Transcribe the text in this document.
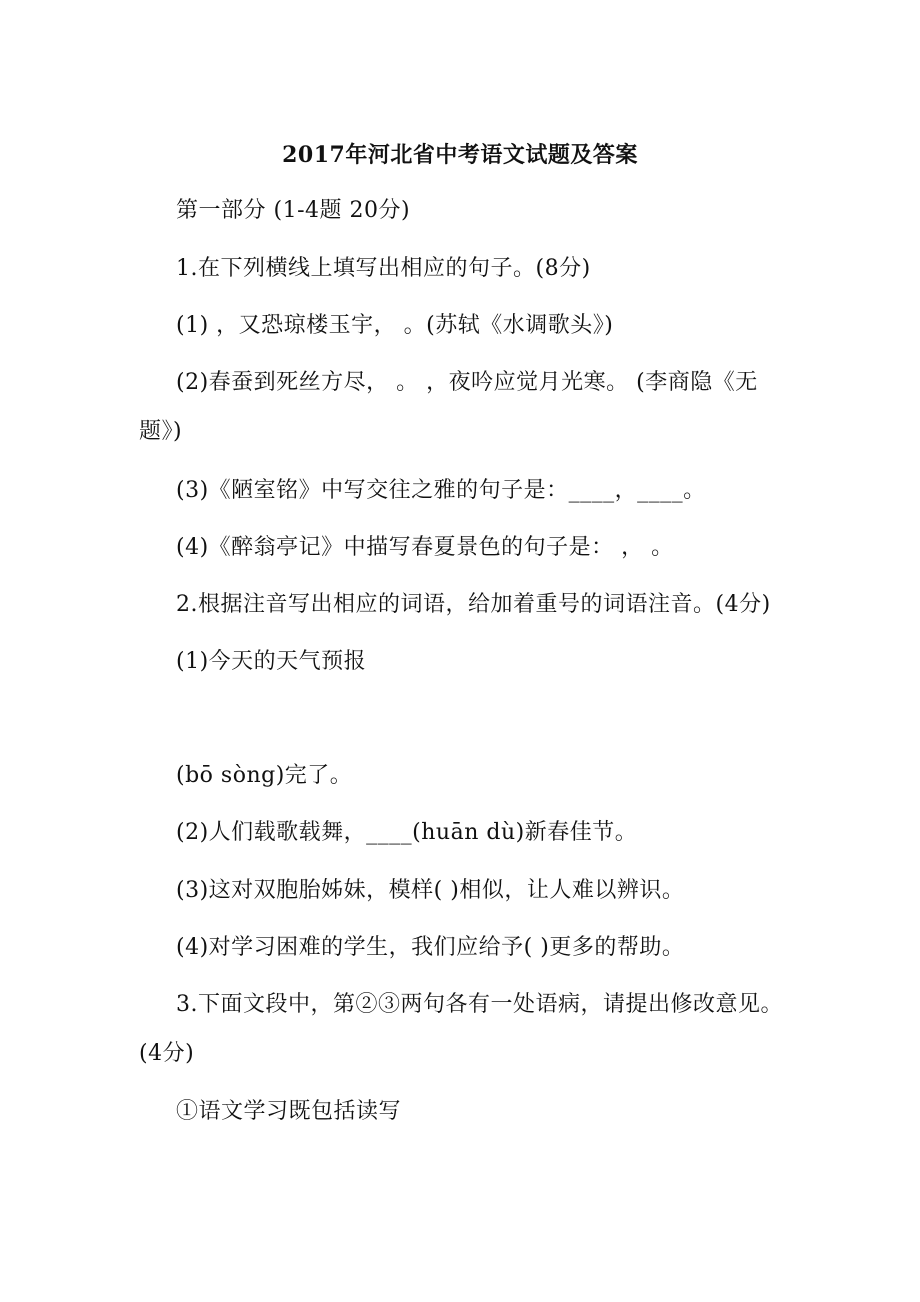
2017年河北省中考语文试题及答案
第一部分 (1-4题 20分)
1.在下列横线上填写出相应的句子。(8分)
(1) ，又恐琼楼玉宇， 。(苏轼《水调歌头》)
(2)春蚕到死丝方尽， 。 ，夜吟应觉月光寒。 (李商隐《无
题》)
(3)《陋室铭》中写交往之雅的句子是：____，____。
(4)《醉翁亭记》中描写春夏景色的句子是： ， 。
2.根据注音写出相应的词语，给加着重号的词语注音。(4分)
(1)今天的天气预报
(bō sòng)完了。
(2)人们载歌载舞，____(huān dù)新春佳节。
(3)这对双胞胎姊妹，模样( )相似，让人难以辨识。
(4)对学习困难的学生，我们应给予( )更多的帮助。
3.下面文段中，第②③两句各有一处语病，请提出修改意见。
(4分)
①语文学习既包括读写
